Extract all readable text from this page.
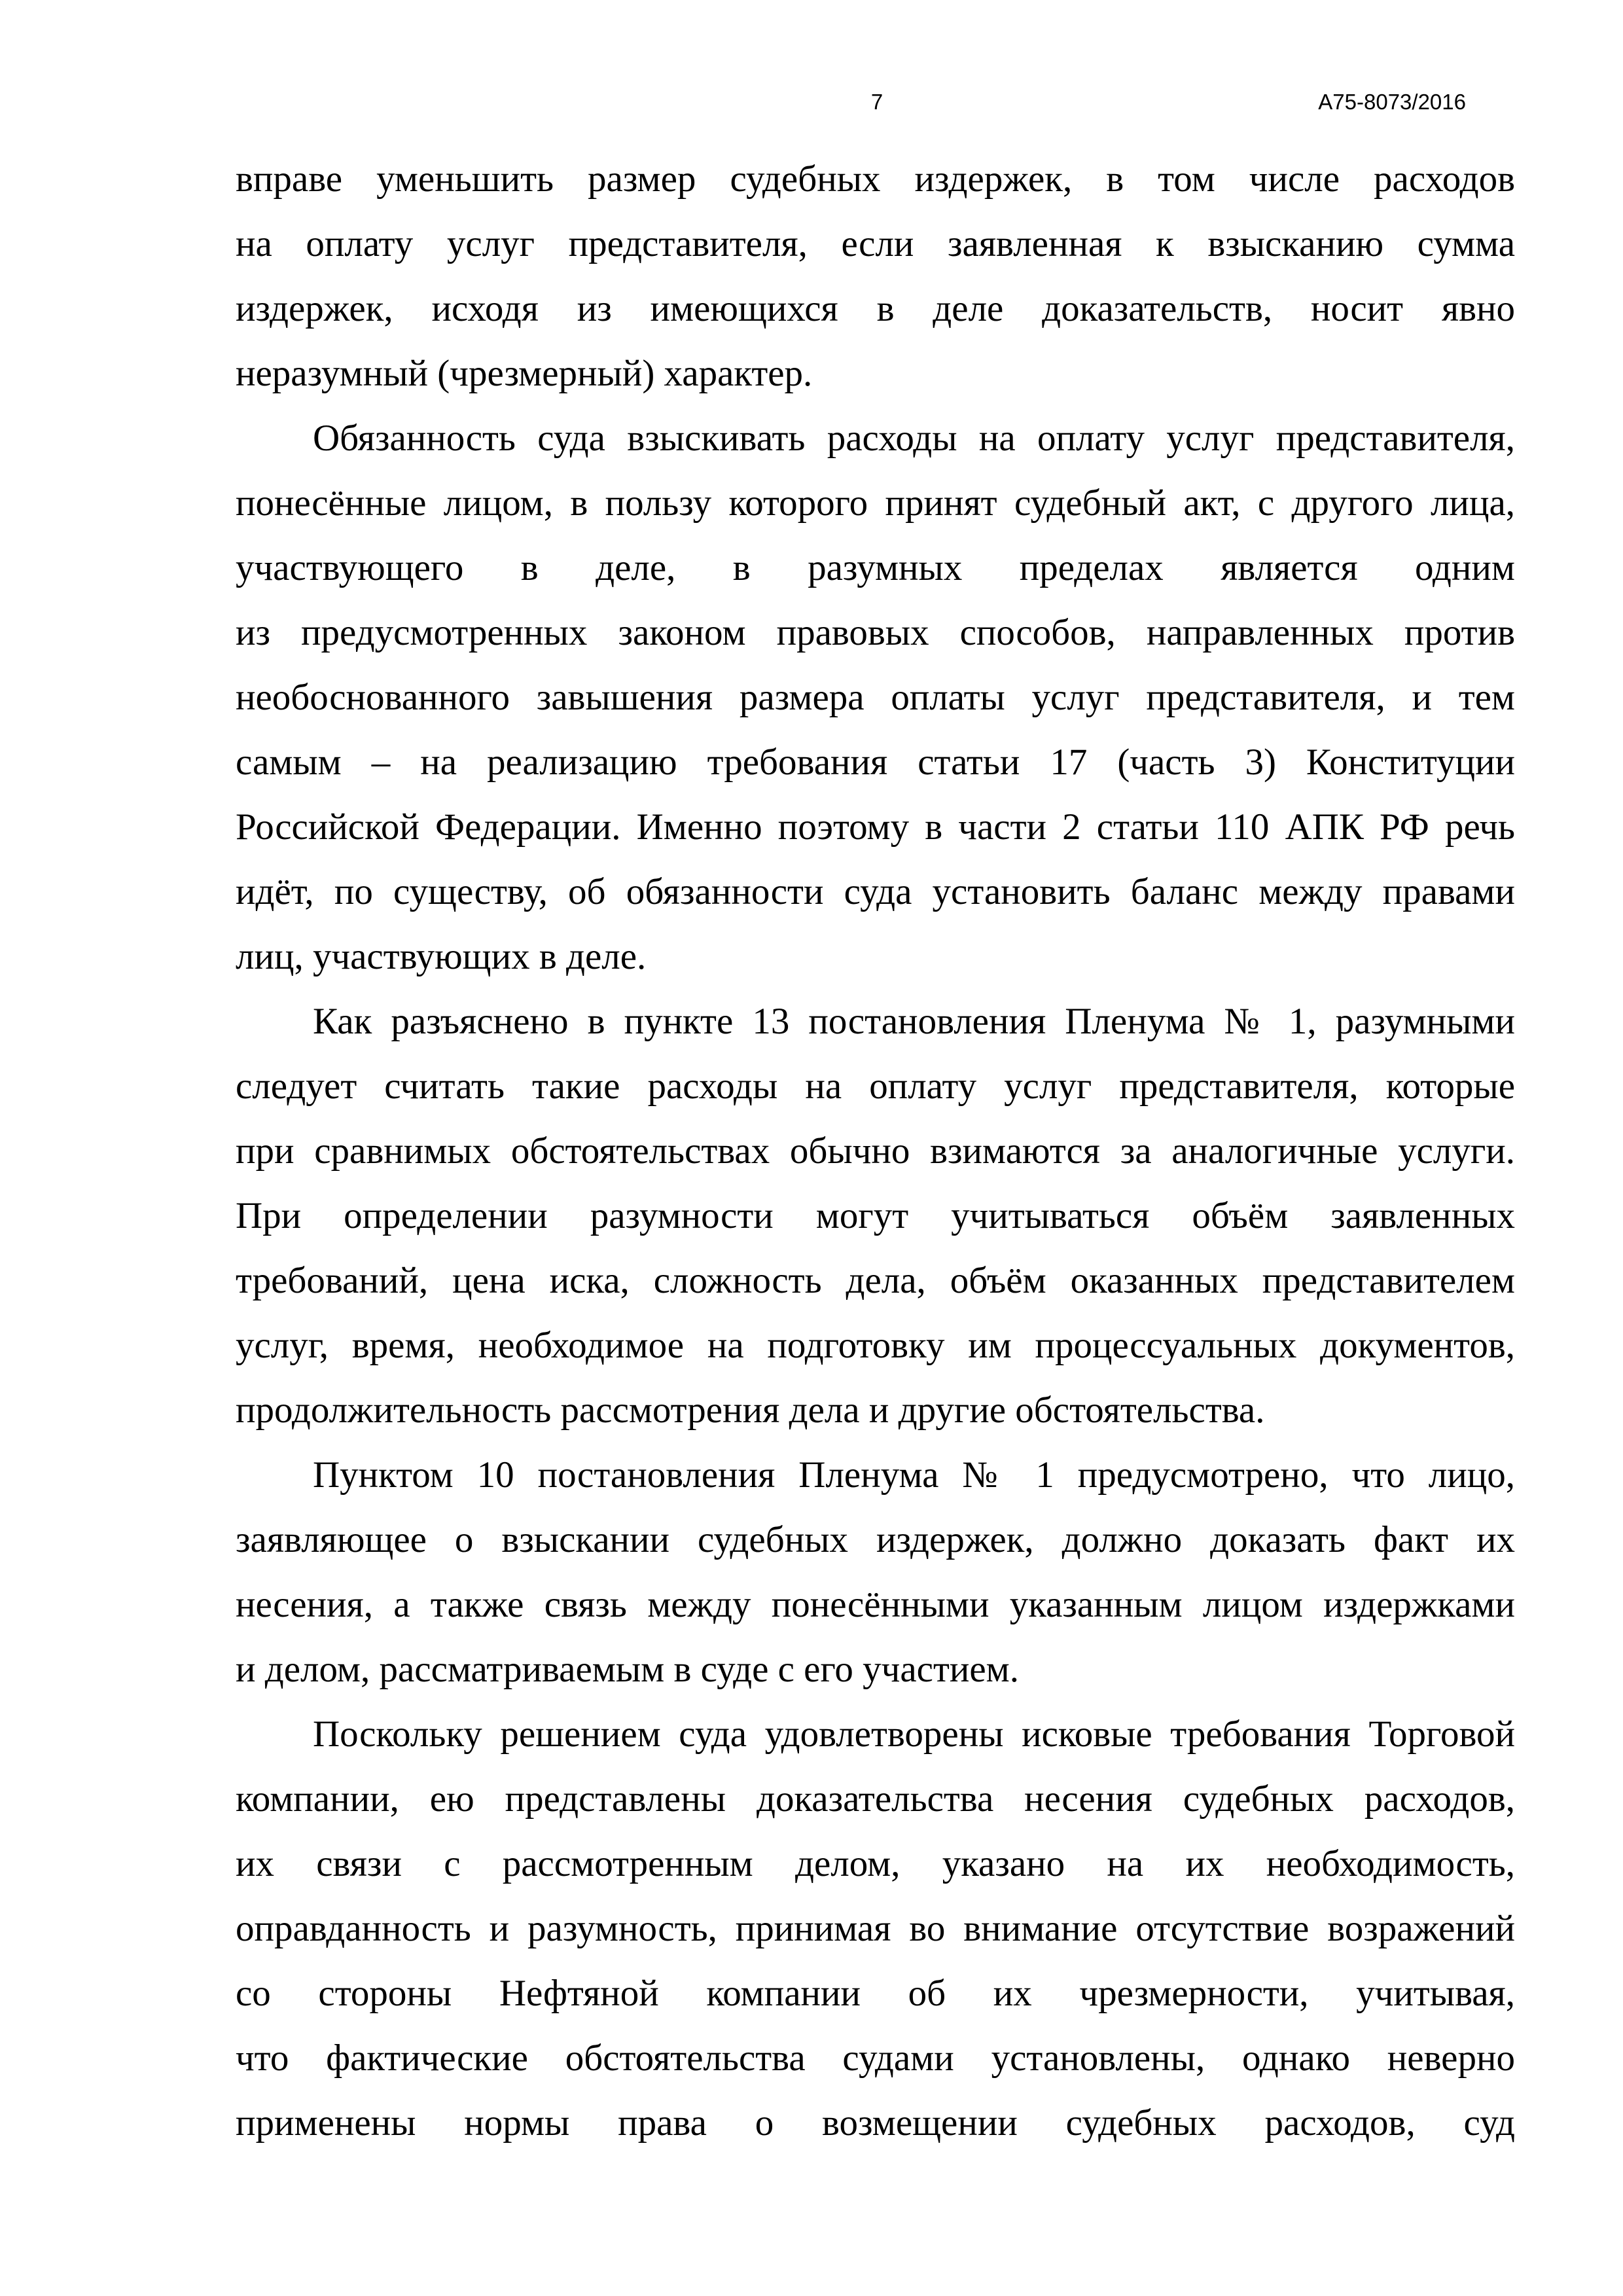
7	А75-8073/2016
вправе уменьшить размер судебных издержек, в том числе расходов
на оплату услуг представителя, если заявленная к взысканию сумма
издержек, исходя из имеющихся в деле доказательств, носит явно
неразумный (чрезмерный) характер.
Обязанность суда взыскивать расходы на оплату услуг представителя,
понесённые лицом, в пользу которого принят судебный акт, с другого лица,
участвующего в деле, в разумных пределах является одним
из предусмотренных законом правовых способов, направленных против
необоснованного завышения размера оплаты услуг представителя, и тем
самым – на реализацию требования статьи 17 (часть 3) Конституции
Российской Федерации. Именно поэтому в части 2 статьи 110 АПК РФ речь
идёт, по существу, об обязанности суда установить баланс между правами
лиц, участвующих в деле.
Как разъяснено в пункте 13 постановления Пленума № 1, разумными
следует считать такие расходы на оплату услуг представителя, которые
при сравнимых обстоятельствах обычно взимаются за аналогичные услуги.
При определении разумности могут учитываться объём заявленных
требований, цена иска, сложность дела, объём оказанных представителем
услуг, время, необходимое на подготовку им процессуальных документов,
продолжительность рассмотрения дела и другие обстоятельства.
Пунктом 10 постановления Пленума № 1 предусмотрено, что лицо,
заявляющее о взыскании судебных издержек, должно доказать факт их
несения, а также связь между понесёнными указанным лицом издержками
и делом, рассматриваемым в суде с его участием.
Поскольку решением суда удовлетворены исковые требования Торговой
компании, ею представлены доказательства несения судебных расходов,
их связи с рассмотренным делом, указано на их необходимость,
оправданность и разумность, принимая во внимание отсутствие возражений
со стороны Нефтяной компании об их чрезмерности, учитывая,
что фактические обстоятельства судами установлены, однако неверно
применены нормы права о возмещении судебных расходов, суд
